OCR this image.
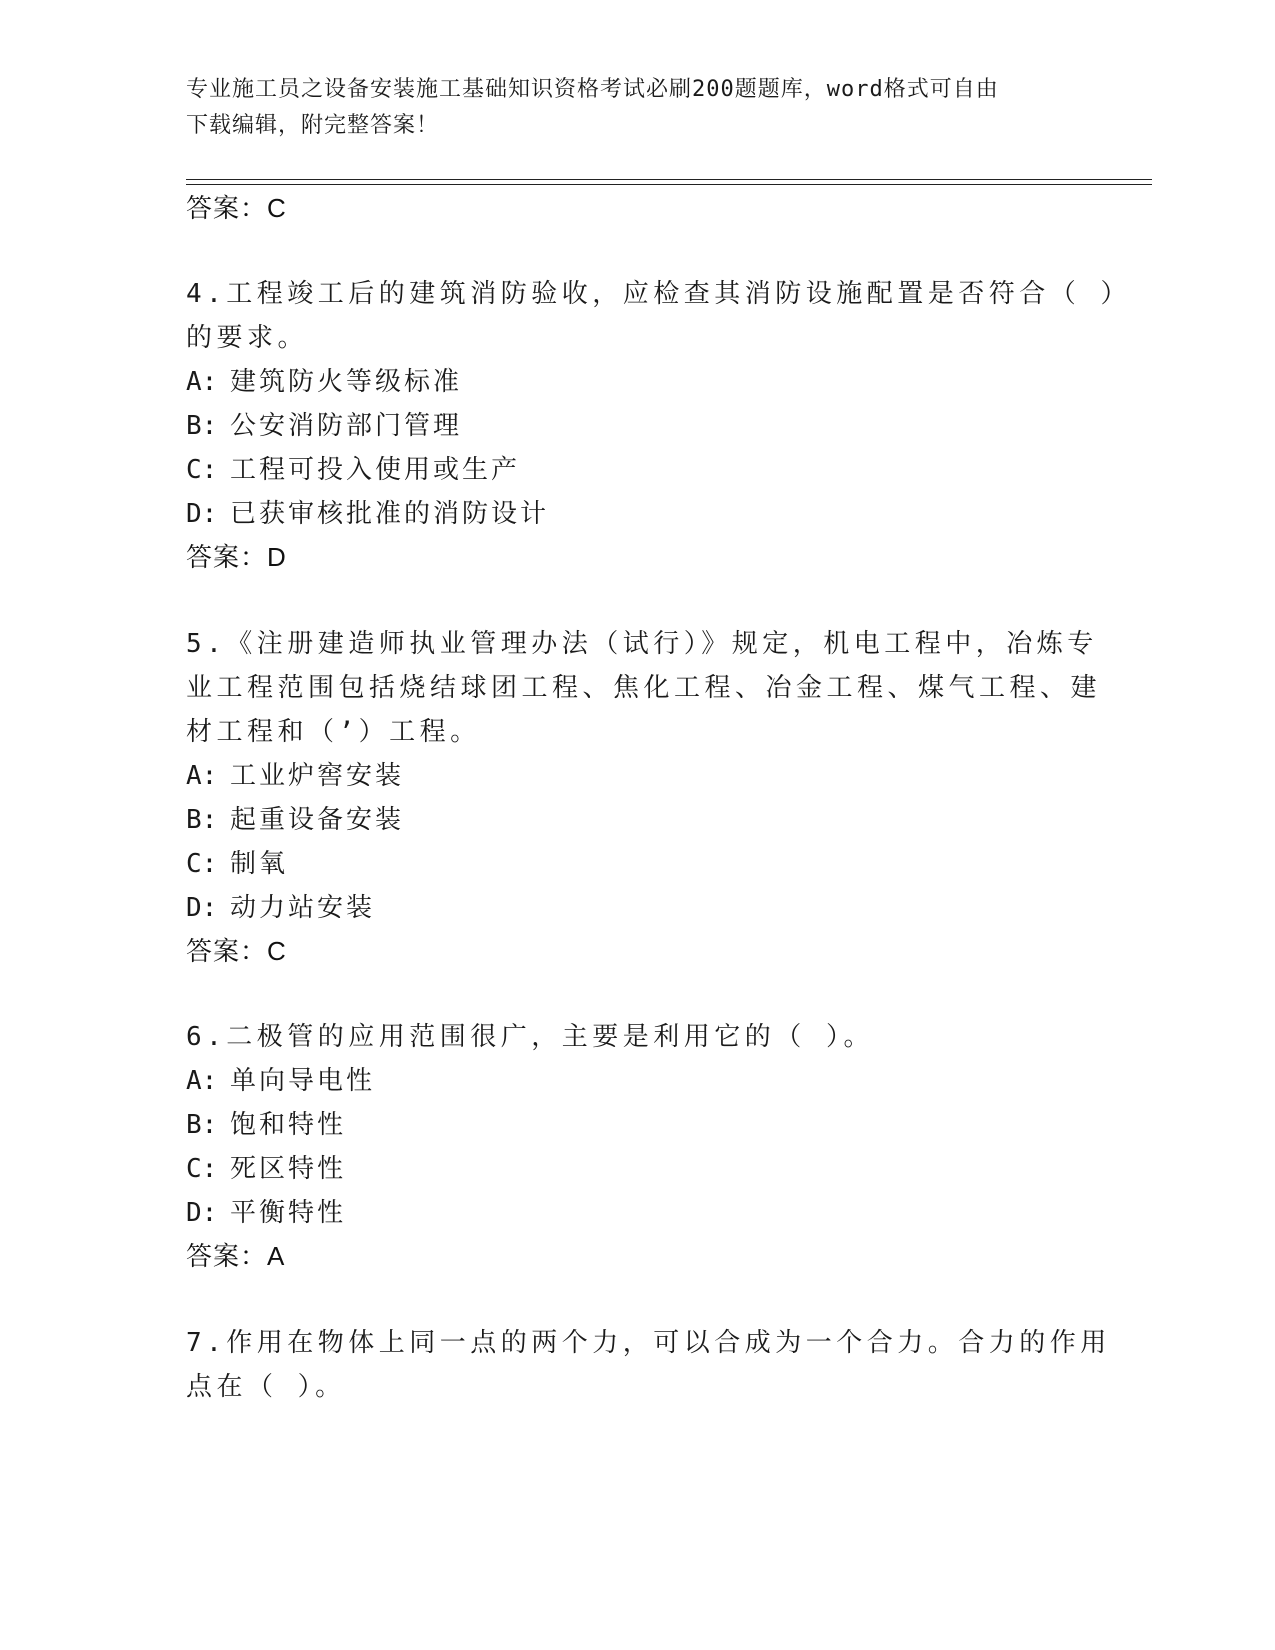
专业施工员之设备安装施工基础知识资格考试必刷200题题库，word格式可自由
下载编辑，附完整答案！
答案：C
4.工程竣工后的建筑消防验收，应检查其消防设施配置是否符合（ ）
的要求。
A: 建筑防火等级标准
B: 公安消防部门管理
C: 工程可投入使用或生产
D: 已获审核批准的消防设计
答案：D
5.《注册建造师执业管理办法（试行）》规定，机电工程中，冶炼专
业工程范围包括烧结球团工程、焦化工程、冶金工程、煤气工程、建
材工程和（’）工程。
A: 工业炉窖安装
B: 起重设备安装
C: 制氧
D: 动力站安装
答案：C
6.二极管的应用范围很广，主要是利用它的（ ）。
A: 单向导电性
B: 饱和特性
C: 死区特性
D: 平衡特性
答案：A
7.作用在物体上同一点的两个力，可以合成为一个合力。合力的作用
点在（ ）。
